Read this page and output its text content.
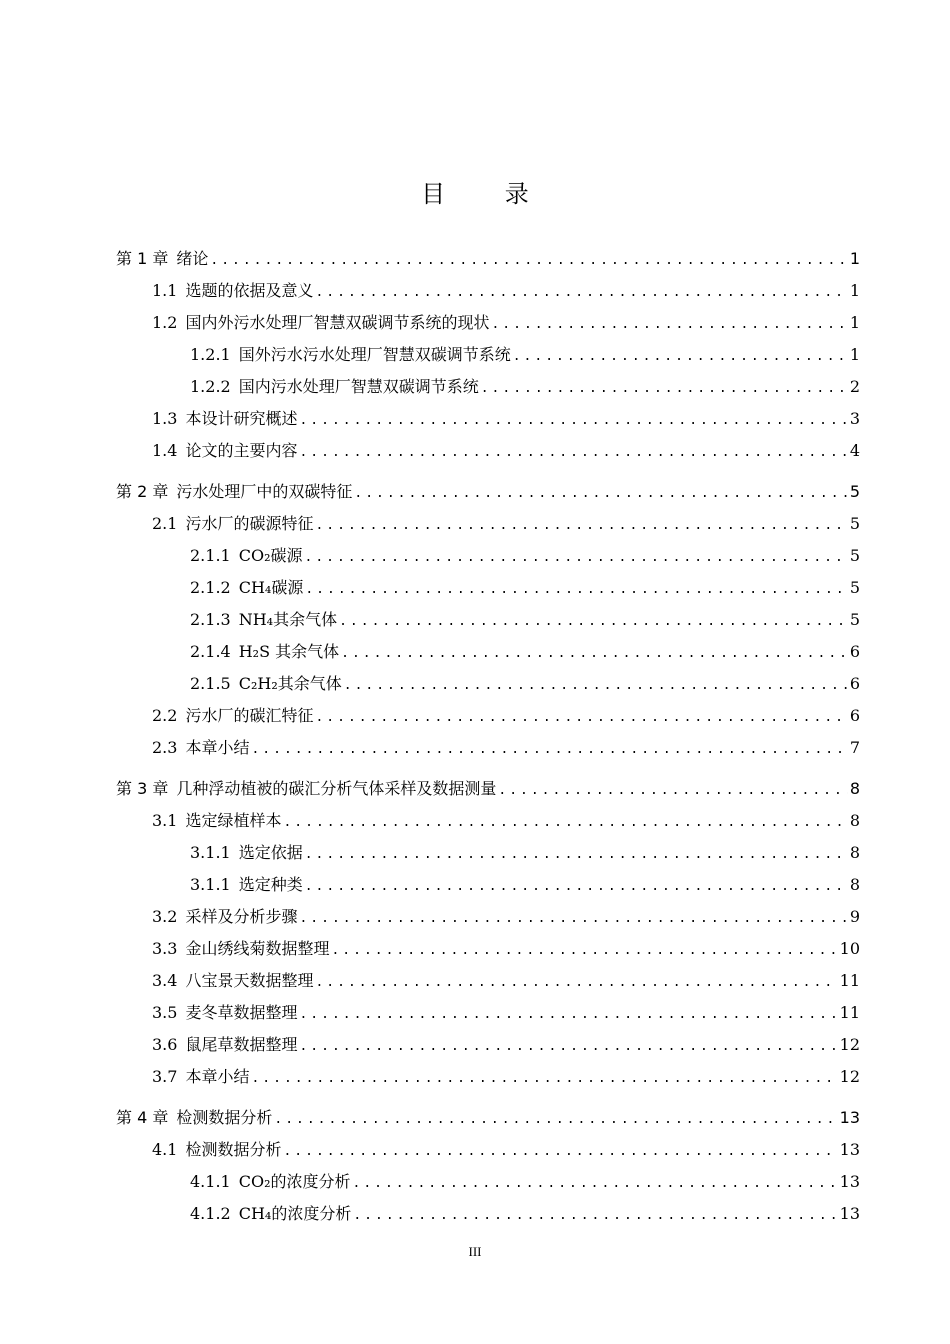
目 录
第 1 章 绪论 .....	1
1.1 选题的依据及意义 .....	1
1.2 国内外污水处理厂智慧双碳调节系统的现状 .....	1
1.2.1 国外污水污水处理厂智慧双碳调节系统 .....	1
1.2.2 国内污水处理厂智慧双碳调节系统 .....	2
1.3 本设计研究概述 .....	3
1.4 论文的主要内容 .....	4
第 2 章 污水处理厂中的双碳特征 .....	5
2.1 污水厂的碳源特征 .....	5
2.1.1 CO₂碳源 .....	5
2.1.2 CH₄碳源 .....	5
2.1.3 NH₄其余气体 .....	5
2.1.4 H₂S 其余气体 .....	6
2.1.5 C₂H₂其余气体 .....	6
2.2 污水厂的碳汇特征 .....	6
2.3 本章小结 .....	7
第 3 章 几种浮动植被的碳汇分析气体采样及数据测量 .....	8
3.1 选定绿植样本 .....	8
3.1.1 选定依据 .....	8
3.1.1 选定种类 .....	8
3.2 采样及分析步骤 .....	9
3.3 金山绣线菊数据整理 .....	10
3.4 八宝景天数据整理 .....	11
3.5 麦冬草数据整理 .....	11
3.6 鼠尾草数据整理 .....	12
3.7 本章小结 .....	12
第 4 章 检测数据分析 .....	13
4.1 检测数据分析 .....	13
4.1.1 CO₂的浓度分析 .....	13
4.1.2 CH₄的浓度分析 .....	13
III
